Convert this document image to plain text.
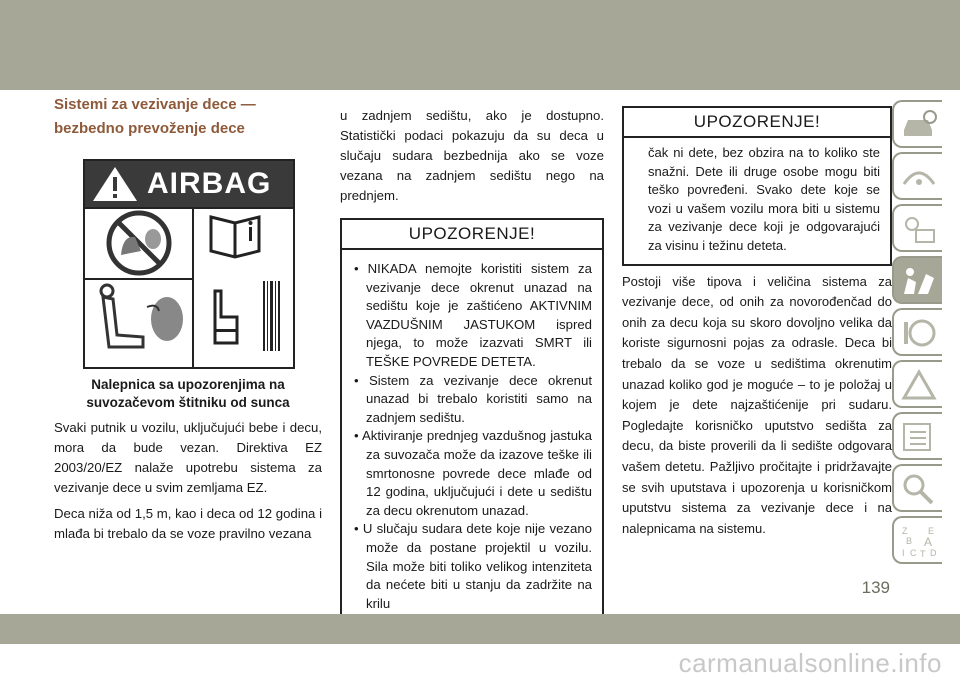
Sistemi za vezivanje dece —
bezbedno prevoženje dece

AIRBAG
Nalepnica sa upozorenjima na
suvozačevom štitniku od sunca

Svaki putnik u vozilu, uključujući bebe i decu, mora da bude vezan. Direktiva EZ 2003/20/EZ nalaže upotrebu sistema za vezivanje dece u svim zemljama EZ.

Deca niža od 1,5 m, kao i deca od 12 godina i mlađa bi trebalo da se voze pravilno vezana

u zadnjem sedištu, ako je dostupno. Statistički podaci pokazuju da su deca u slučaju sudara bezbednija ako se voze vezana na zadnjem sedištu nego na prednjem.

UPOZORENJE!
• NIKADA nemojte koristiti sistem za vezivanje dece okrenut unazad na sedištu koje je zaštićeno AKTIVNIM VAZDUŠNIM JASTUKOM ispred njega, to može izazvati SMRT ili TEŠKE POVREDE DETETA.
• Sistem za vezivanje dece okrenut unazad bi trebalo koristiti samo na zadnjem sedištu.
• Aktiviranje prednjeg vazdušnog jastuka za suvozača može da izazove teške ili smrtonosne povrede dece mlađe od 12 godina, uključujući i dete u sedištu za decu okrenutom unazad.
• U slučaju sudara dete koje nije vezano može da postane projektil u vozilu. Sila može biti toliko velikog intenziteta da nećete biti u stanju da zadržite na krilu
UPOZORENJE!
čak ni dete, bez obzira na to koliko ste snažni. Dete ili druge osobe mogu biti teško povređeni. Svako dete koje se vozi u vašem vozilu mora biti u sistemu za vezivanje dece koji je odgovarajući za visinu i težinu deteta.

Postoji više tipova i veličina sistema za vezivanje dece, od onih za novorođenčad do onih za decu koja su skoro dovoljno velika da koriste sigurnosni pojas za odrasle. Deca bi trebalo da se voze u sedištima okrenutim unazad koliko god je moguće – to je položaj u kojem je dete najzaštićenije pri sudaru. Pogledajte korisničko uputstvo sedišta za decu, da biste proverili da li sedište odgovara vašem detetu. Pažljivo pročitajte i pridržavajte se svih uputstava i upozorenja u korisničkom uputstvu sistema za vezivanje dece i na nalepnicama na sistemu.	Z E
B A
C D
I T
139
carmanualsonline.info
